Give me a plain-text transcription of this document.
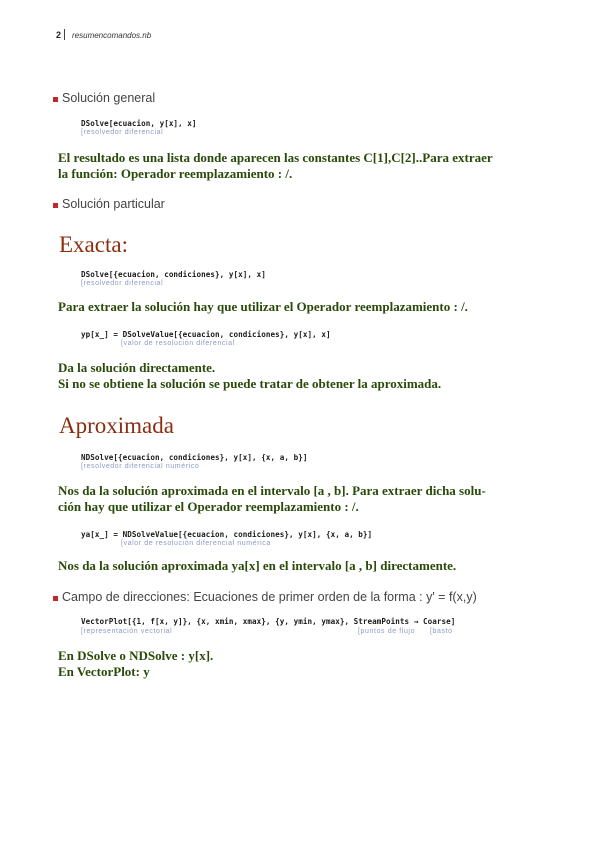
2 resumencomandos.nb
Solución general
DSolve[ecuacion, y[x], x]
[resolvedor diferencial
El resultado es una lista donde aparecen las constantes C[1],C[2]..Para extraer
la función: Operador reemplazamiento : /.
Solución particular
Exacta:
DSolve[{ecuacion, condiciones}, y[x], x]
[resolvedor diferencial
Para extraer la solución hay que utilizar el Operador reemplazamiento : /.
yp[x_] = DSolveValue[{ecuacion, condiciones}, y[x], x]
[valor de resolución diferencial
Da la solución directamente.
Si no se obtiene la solución se puede tratar de obtener la aproximada.
Aproximada
NDSolve[{ecuacion, condiciones}, y[x], {x, a, b}]
[resolvedor diferencial numérico
Nos da la solución aproximada en el intervalo [a , b]. Para extraer dicha solu-
ción hay que utilizar el Operador reemplazamiento : /.
ya[x_] = NDSolveValue[{ecuacion, condiciones}, y[x], {x, a, b}]
[valor de resolución diferencial numérica
Nos da la solución aproximada ya[x] en el intervalo [a , b] directamente.
Campo de direcciones: Ecuaciones de primer orden de la forma : y' = f(x,y)
VectorPlot[{1, f[x, y]}, {x, xmin, xmax}, {y, ymin, ymax}, StreamPoints → Coarse]
[representación vectorial	[puntos de flujo [basto
En DSolve o NDSolve : y[x].
En VectorPlot: y
